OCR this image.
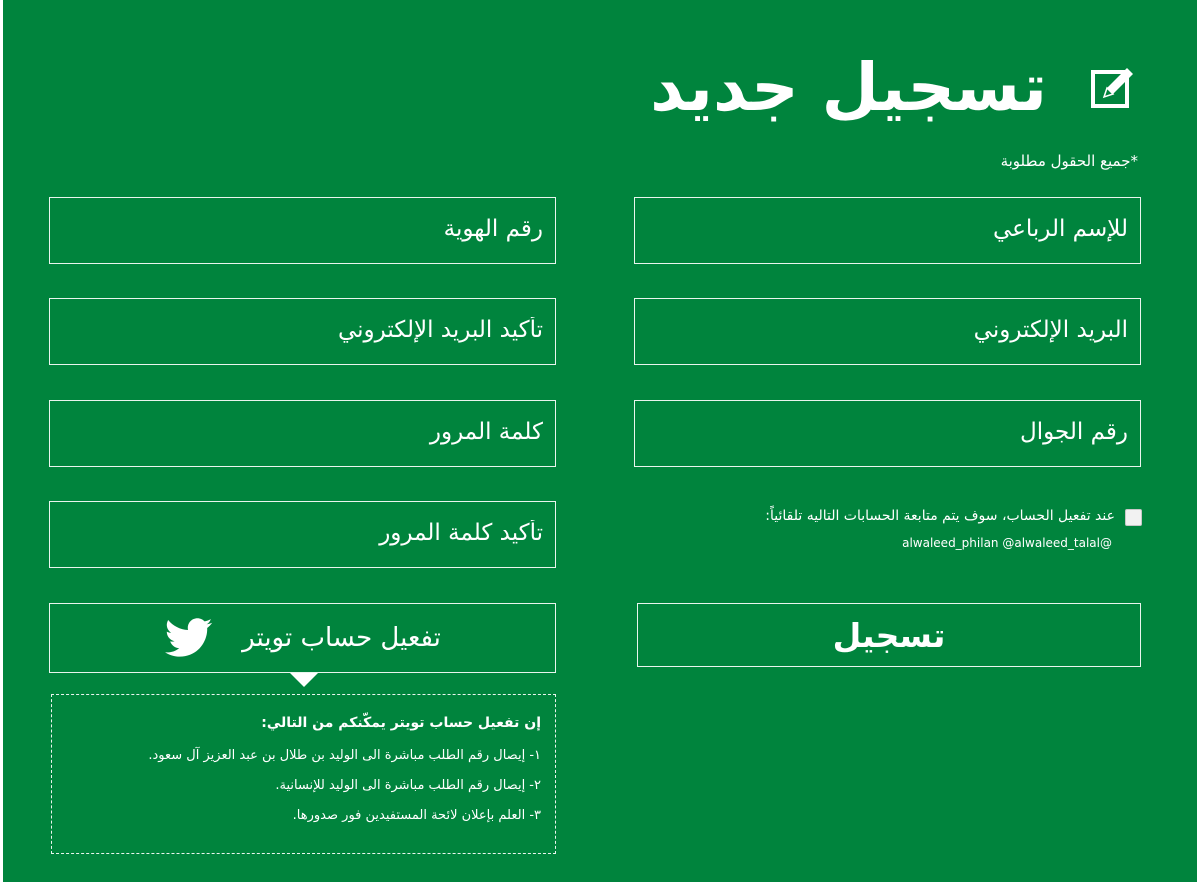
تسجيل جديد
*جميع الحقول مطلوبة
للإسم الرباعي
رقم الهوية
البريد الإلكتروني
تأكيد البريد الإلكتروني
رقم الجوال
كلمة المرور
تأكيد كلمة المرور
عند تفعيل الحساب، سوف يتم متابعة الحسابات التاليه تلقائياً:
@alwaleed_philan @alwaleed_talal
تفعيل حساب تويتر
إن تفعيل حساب تويتر يمكّنكم من التالي:
١- إيصال رقم الطلب مباشرة الى الوليد بن طلال بن عبد العزيز آل سعود.
٢- إيصال رقم الطلب مباشرة الى الوليد للإنسانية.
٣- العلم بإعلان لائحة المستفيدين فور صدورها.
تسجيل
